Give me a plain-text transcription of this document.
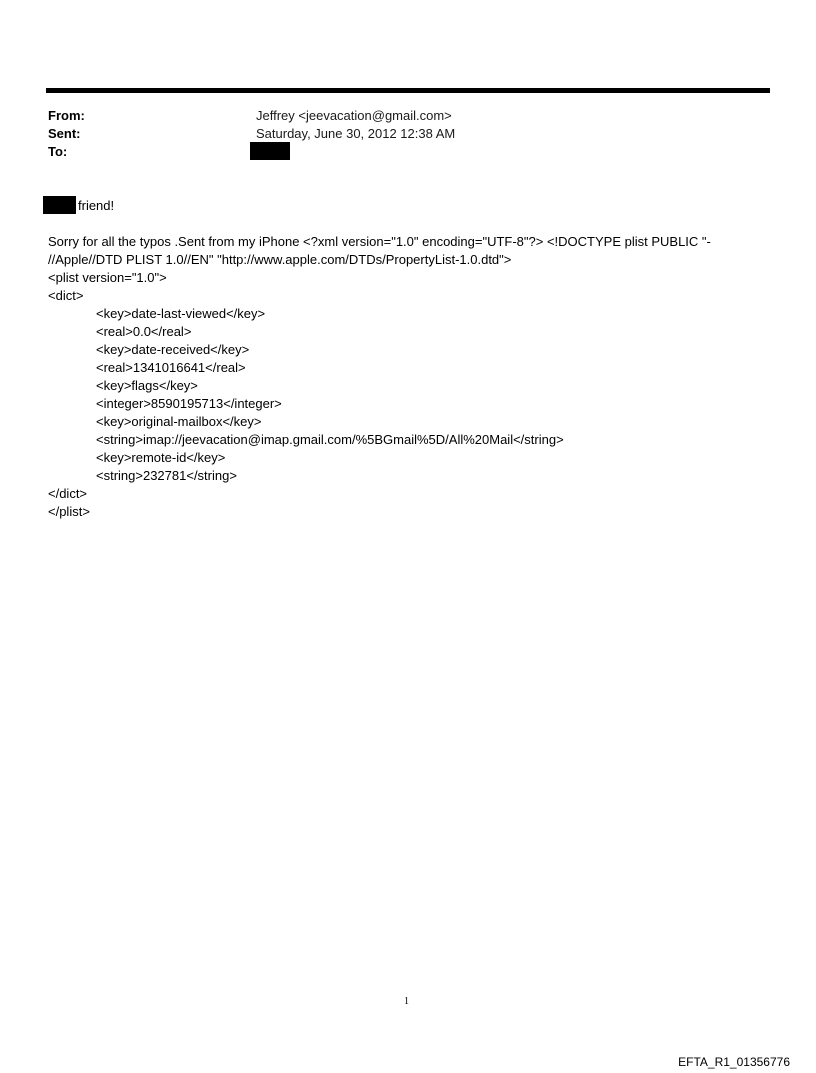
From:	Jeffrey <jeevacation@gmail.com>
Sent:	Saturday, June 30, 2012 12:38 AM
To:
friend!
Sorry for all the typos .Sent from my iPhone <?xml version="1.0" encoding="UTF-8"?> <!DOCTYPE plist PUBLIC "-
//Apple//DTD PLIST 1.0//EN" "http://www.apple.com/DTDs/PropertyList-1.0.dtd">
<plist version="1.0">
<dict>
<key>date-last-viewed</key>
<real>0.0</real>
<key>date-received</key>
<real>1341016641</real>
<key>flags</key>
<integer>8590195713</integer>
<key>original-mailbox</key>
<string>imap://jeevacation@imap.gmail.com/%5BGmail%5D/All%20Mail</string>
<key>remote-id</key>
<string>232781</string>
</dict>
</plist>
1
EFTA_R1_01356776
